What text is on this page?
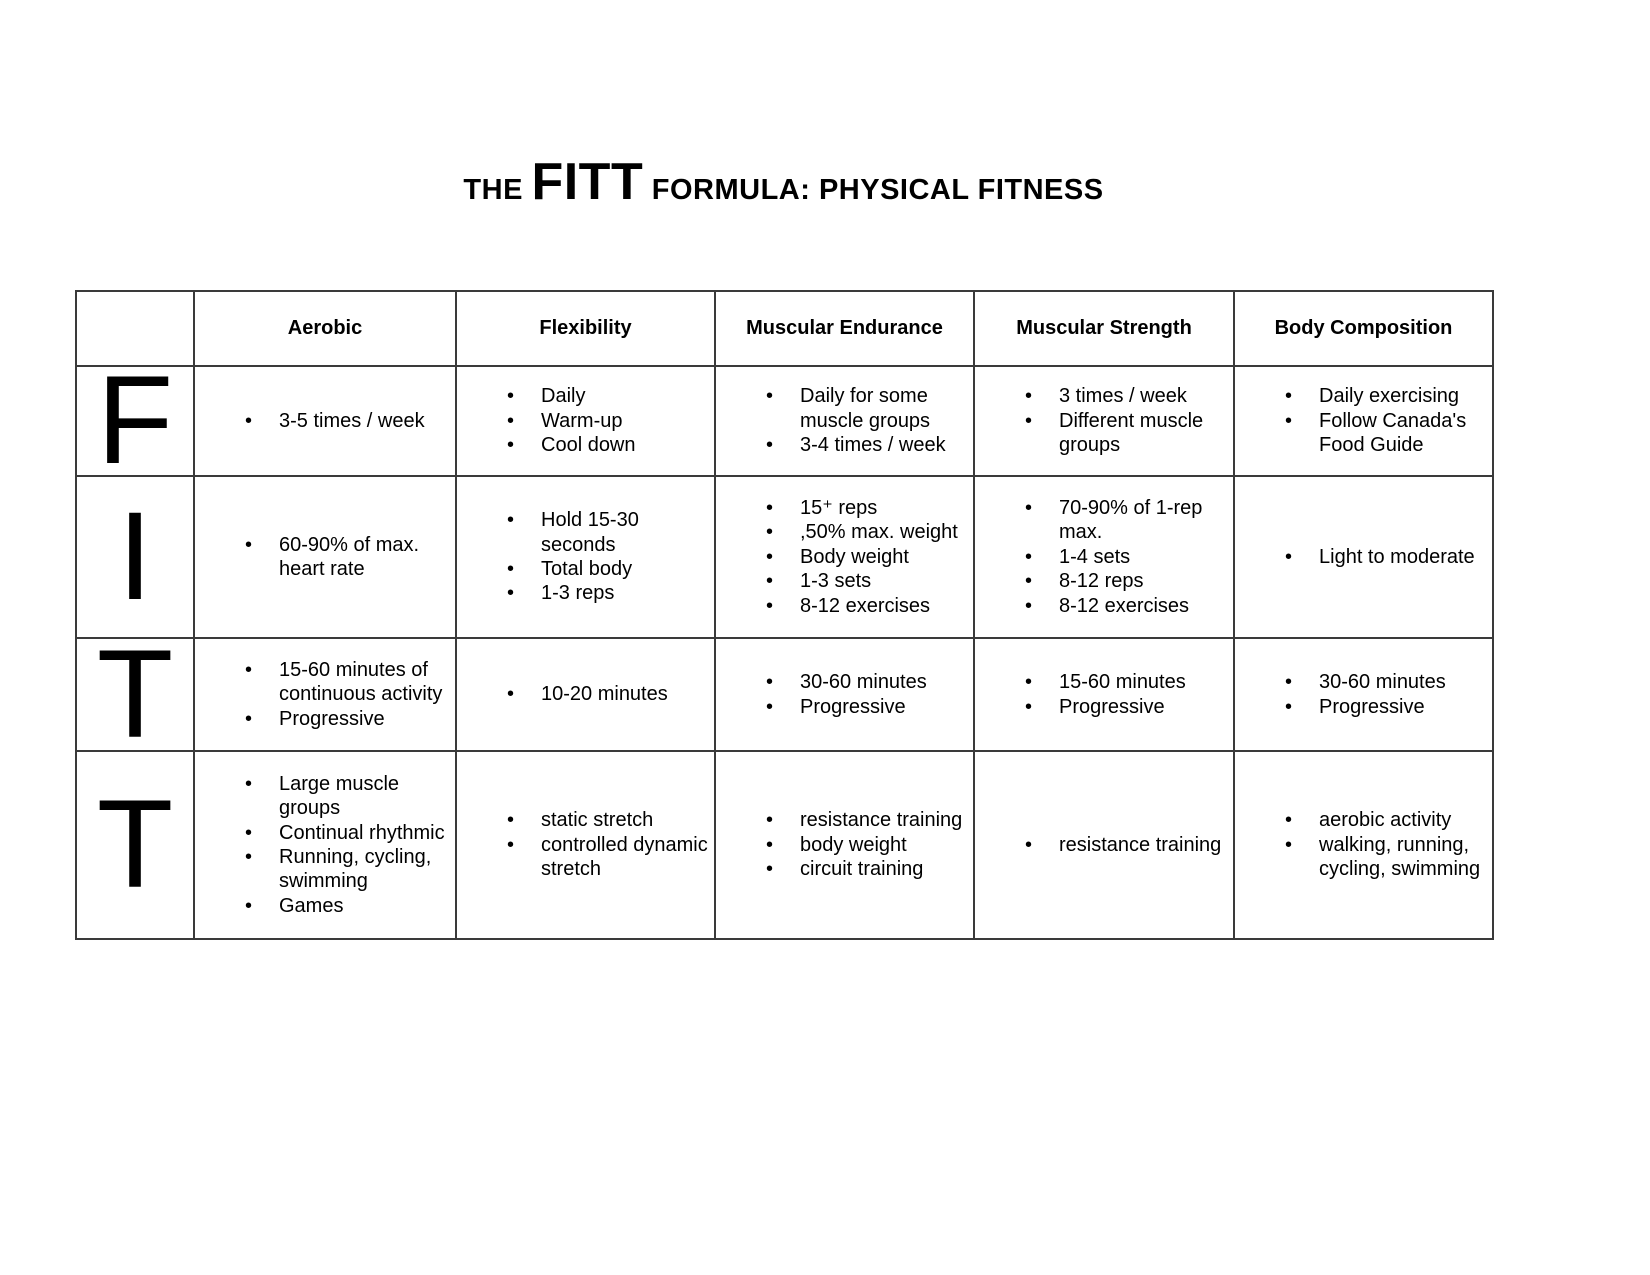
THE FITT FORMULA: PHYSICAL FITNESS
	Aerobic	Flexibility	Muscular Endurance	Muscular Strength	Body Composition
F	
•3-5 times / week

• Daily
• Warm-up
• Cool down

• Daily for some muscle groups
• 3-4 times / week

• 3 times / week
• Different muscle groups

• Daily exercising
• Follow Canada's Food Guide

I	
•60-90% of max. heart rate

• Hold 15-30 seconds
• Total body
• 1-3 reps

• 15⁺ reps
• ,50% max. weight
• Body weight
• 1-3 sets
• 8-12 exercises

• 70-90% of 1-rep max.
• 1-4 sets
• 8-12 reps
• 8-12 exercises

• Light to moderate

T	
•15-60 minutes of continuous activity
• Progressive

• 10-20 minutes

• 30-60 minutes
• Progressive

• 15-60 minutes
• Progressive

• 30-60 minutes
• Progressive

T	
•Large muscle groups
• Continual rhythmic
• Running, cycling, swimming
• Games

• static stretch
• controlled dynamic stretch

• resistance training
• body weight
• circuit training

• resistance training

• aerobic activity
• walking, running, cycling, swimming
